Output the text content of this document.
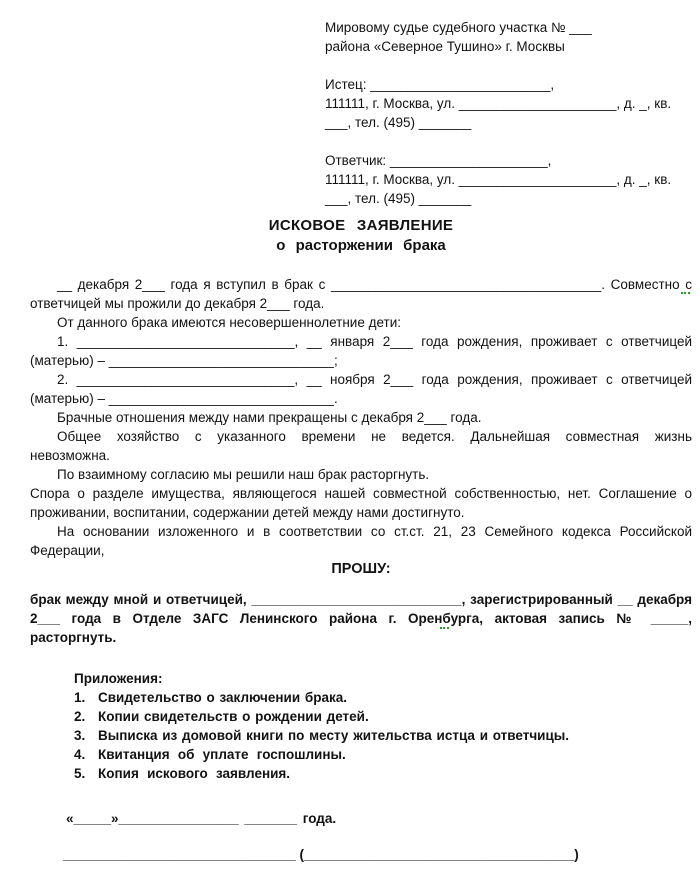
Мировому судье судебного участка № ___
района «Северное Тушино» г. Москвы
Истец: ________________________,
111111, г. Москва, ул. _____________________, д. _, кв.
___, тел. (495) _______
Ответчик: _____________________,
111111, г. Москва, ул. _____________________, д. _, кв.
___, тел. (495) _______
ИСКОВОЕ ЗАЯВЛЕНИЕ
о расторжении брака
__ декабря 2___ года я вступил в брак с ____________________________________. Совместно с
ответчицей мы прожили до декабря 2___ года.
От данного брака имеются несовершеннолетние дети:
1. _____________________________, __ января 2___ года рождения, проживает с ответчицей
(матерью) – ______________________________;
2. _____________________________, __ ноября 2___ года рождения, проживает с ответчицей
(матерью) – ______________________________.
Брачные отношения между нами прекращены с декабря 2___ года.
Общее хозяйство с указанного времени не ведется. Дальнейшая совместная жизнь
невозможна.
По взаимному согласию мы решили наш брак расторгнуть.
Спора о разделе имущества, являющегося нашей совместной собственностью, нет. Соглашение о
проживании, воспитании, содержании детей между нами достигнуто.
На основании изложенного и в соответствии со ст.ст. 21, 23 Семейного кодекса Российской
Федерации,
ПРОШУ:
брак между мной и ответчицей, ____________________________, зарегистрированный __ декабря
2___ года в Отделе ЗАГС Ленинского района г. Оренбурга, актовая запись № _____,
расторгнуть.
Приложения:
1. Свидетельство о заключении брака.
2. Копии свидетельств о рождении детей.
3. Выписка из домовой книги по месту жительства истца и ответчицы.
4. Квитанция об уплате госпошлины.
5. Копия искового заявления.
«_____»________________ _______ года.
_______________________________ (____________________________________)
